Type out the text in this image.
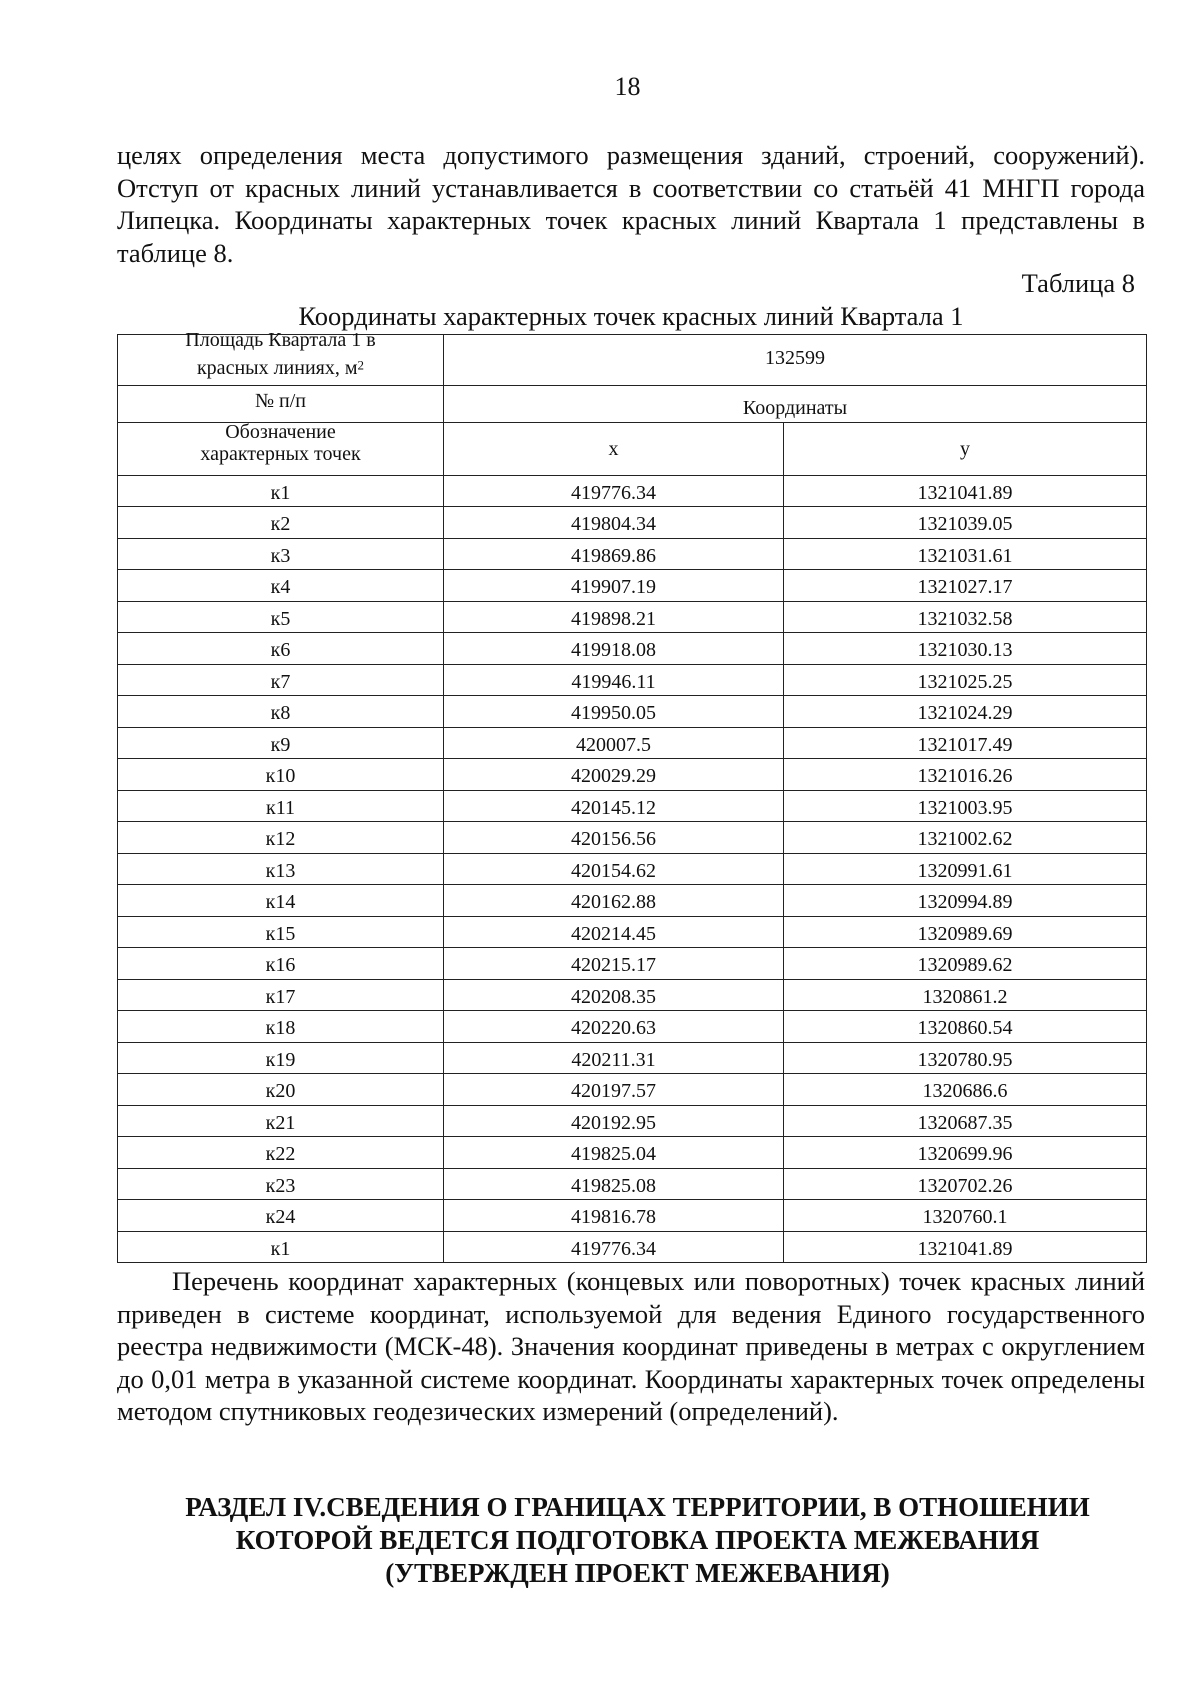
18

целях определения места допустимого размещения зданий, строений, сооружений). Отступ от красных линий устанавливается в соответствии со статьёй 41 МНГП города Липецка. Координаты характерных точек красных линий Квартала 1 представлены в таблице 8.

Таблица 8
Координаты характерных точек красных линий Квартала 1
Площадь Квартала 1 в
красных линиях, $м^2$	132599	
№ п/п	Координаты	
Обозначение
характерных точек	x	y
к1	419776.34	1321041.89
к2	419804.34	1321039.05
к3	419869.86	1321031.61
к4	419907.19	1321027.17
к5	419898.21	1321032.58
к6	419918.08	1321030.13
к7	419946.11	1321025.25
к8	419950.05	1321024.29
к9	420007.5	1321017.49
к10	420029.29	1321016.26
к11	420145.12	1321003.95
к12	420156.56	1321002.62
к13	420154.62	1320991.61
к14	420162.88	1320994.89
к15	420214.45	1320989.69
к16	420215.17	1320989.62
к17	420208.35	1320861.2
к18	420220.63	1320860.54
к19	420211.31	1320780.95
к20	420197.57	1320686.6
к21	420192.95	1320687.35
к22	419825.04	1320699.96
к23	419825.08	1320702.26
к24	419816.78	1320760.1
к1	419776.34	1321041.89

Перечень координат характерных (концевых или поворотных) точек красных линий приведен в системе координат, используемой для ведения Единого государственного реестра недвижимости (МСК-48). Значения координат приведены в метрах с округлением до 0,01 метра в указанной системе координат. Координаты характерных точек определены методом спутниковых геодезических измерений (определений).

РАЗДЕЛ IV.СВЕДЕНИЯ О ГРАНИЦАХ ТЕРРИТОРИИ, В ОТНОШЕНИИ
КОТОРОЙ ВЕДЕТСЯ ПОДГОТОВКА ПРОЕКТА МЕЖЕВАНИЯ
(УТВЕРЖДЕН ПРОЕКТ МЕЖЕВАНИЯ)
